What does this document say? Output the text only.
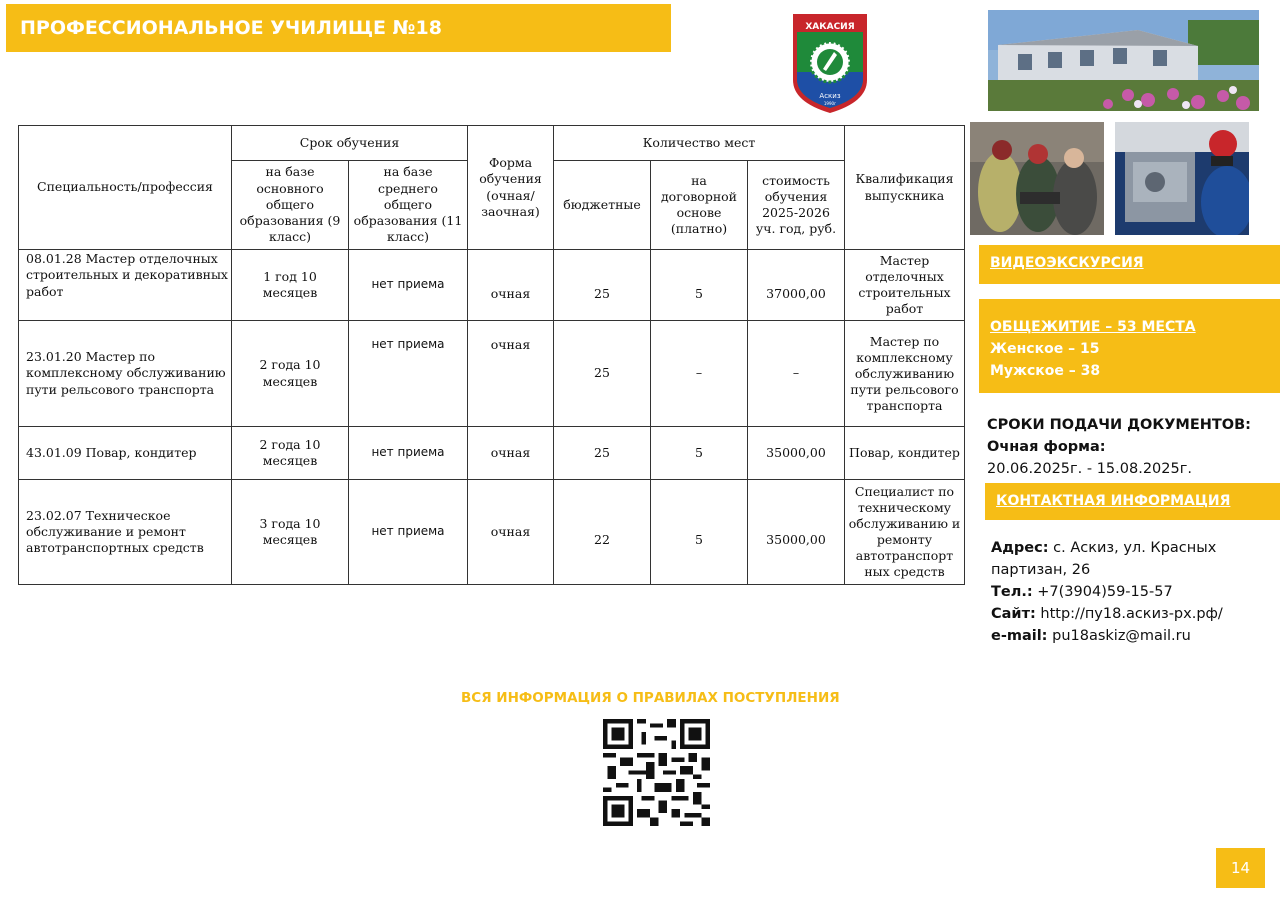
ПРОФЕССИОНАЛЬНОЕ УЧИЛИЩЕ №18	ХАКАСИЯ
Аскиз
1990г
Специальность/профессия	Срок обучения		Форма обучения (очная/ заочная)	Количество мест			Квалификация выпускника
	на базе основного общего образования (9 класс)	на базе среднего общего образования (11 класс)		бюджетные	на договорной основе (платно)	стоимость обучения 2025-2026 уч. год, руб.	
08.01.28 Мастер отделочных строительных и декоративных работ	1 год 10 месяцев	нет приема	очная	25	5	37000,00	Мастер отделочных строительных работ
23.01.20 Мастер по комплексному обслуживанию пути рельсового транспорта	2 года 10 месяцев	нет приема	очная	25	–	–	Мастер по комплексному обслуживанию пути рельсового транспорта
43.01.09 Повар, кондитер	2 года 10 месяцев	нет приема	очная	25	5	35000,00	Повар, кондитер
23.02.07 Техническое обслуживание и ремонт автотранспортных средств	3 года 10 месяцев	нет приема	очная	22	5	35000,00	Специалист по техническому обслуживанию и ремонту автотранспорт ных средств
ВИДЕОЭКСКУРСИЯ
ОБЩЕЖИТИЕ – 53 МЕСТА
Женское – 15
Мужское – 38
СРОКИ ПОДАЧИ ДОКУМЕНТОВ:
Очная форма:
20.06.2025г. - 15.08.2025г.
КОНТАКТНАЯ ИНФОРМАЦИЯ
Адрес: с. Аскиз, ул. Красных партизан, 26
Тел.: +7(3904)59-15-57
Сайт: http://пу18.аскиз-рх.рф/
e-mail: pu18askiz@mail.ru
ВСЯ ИНФОРМАЦИЯ О ПРАВИЛАХ ПОСТУПЛЕНИЯ
14
